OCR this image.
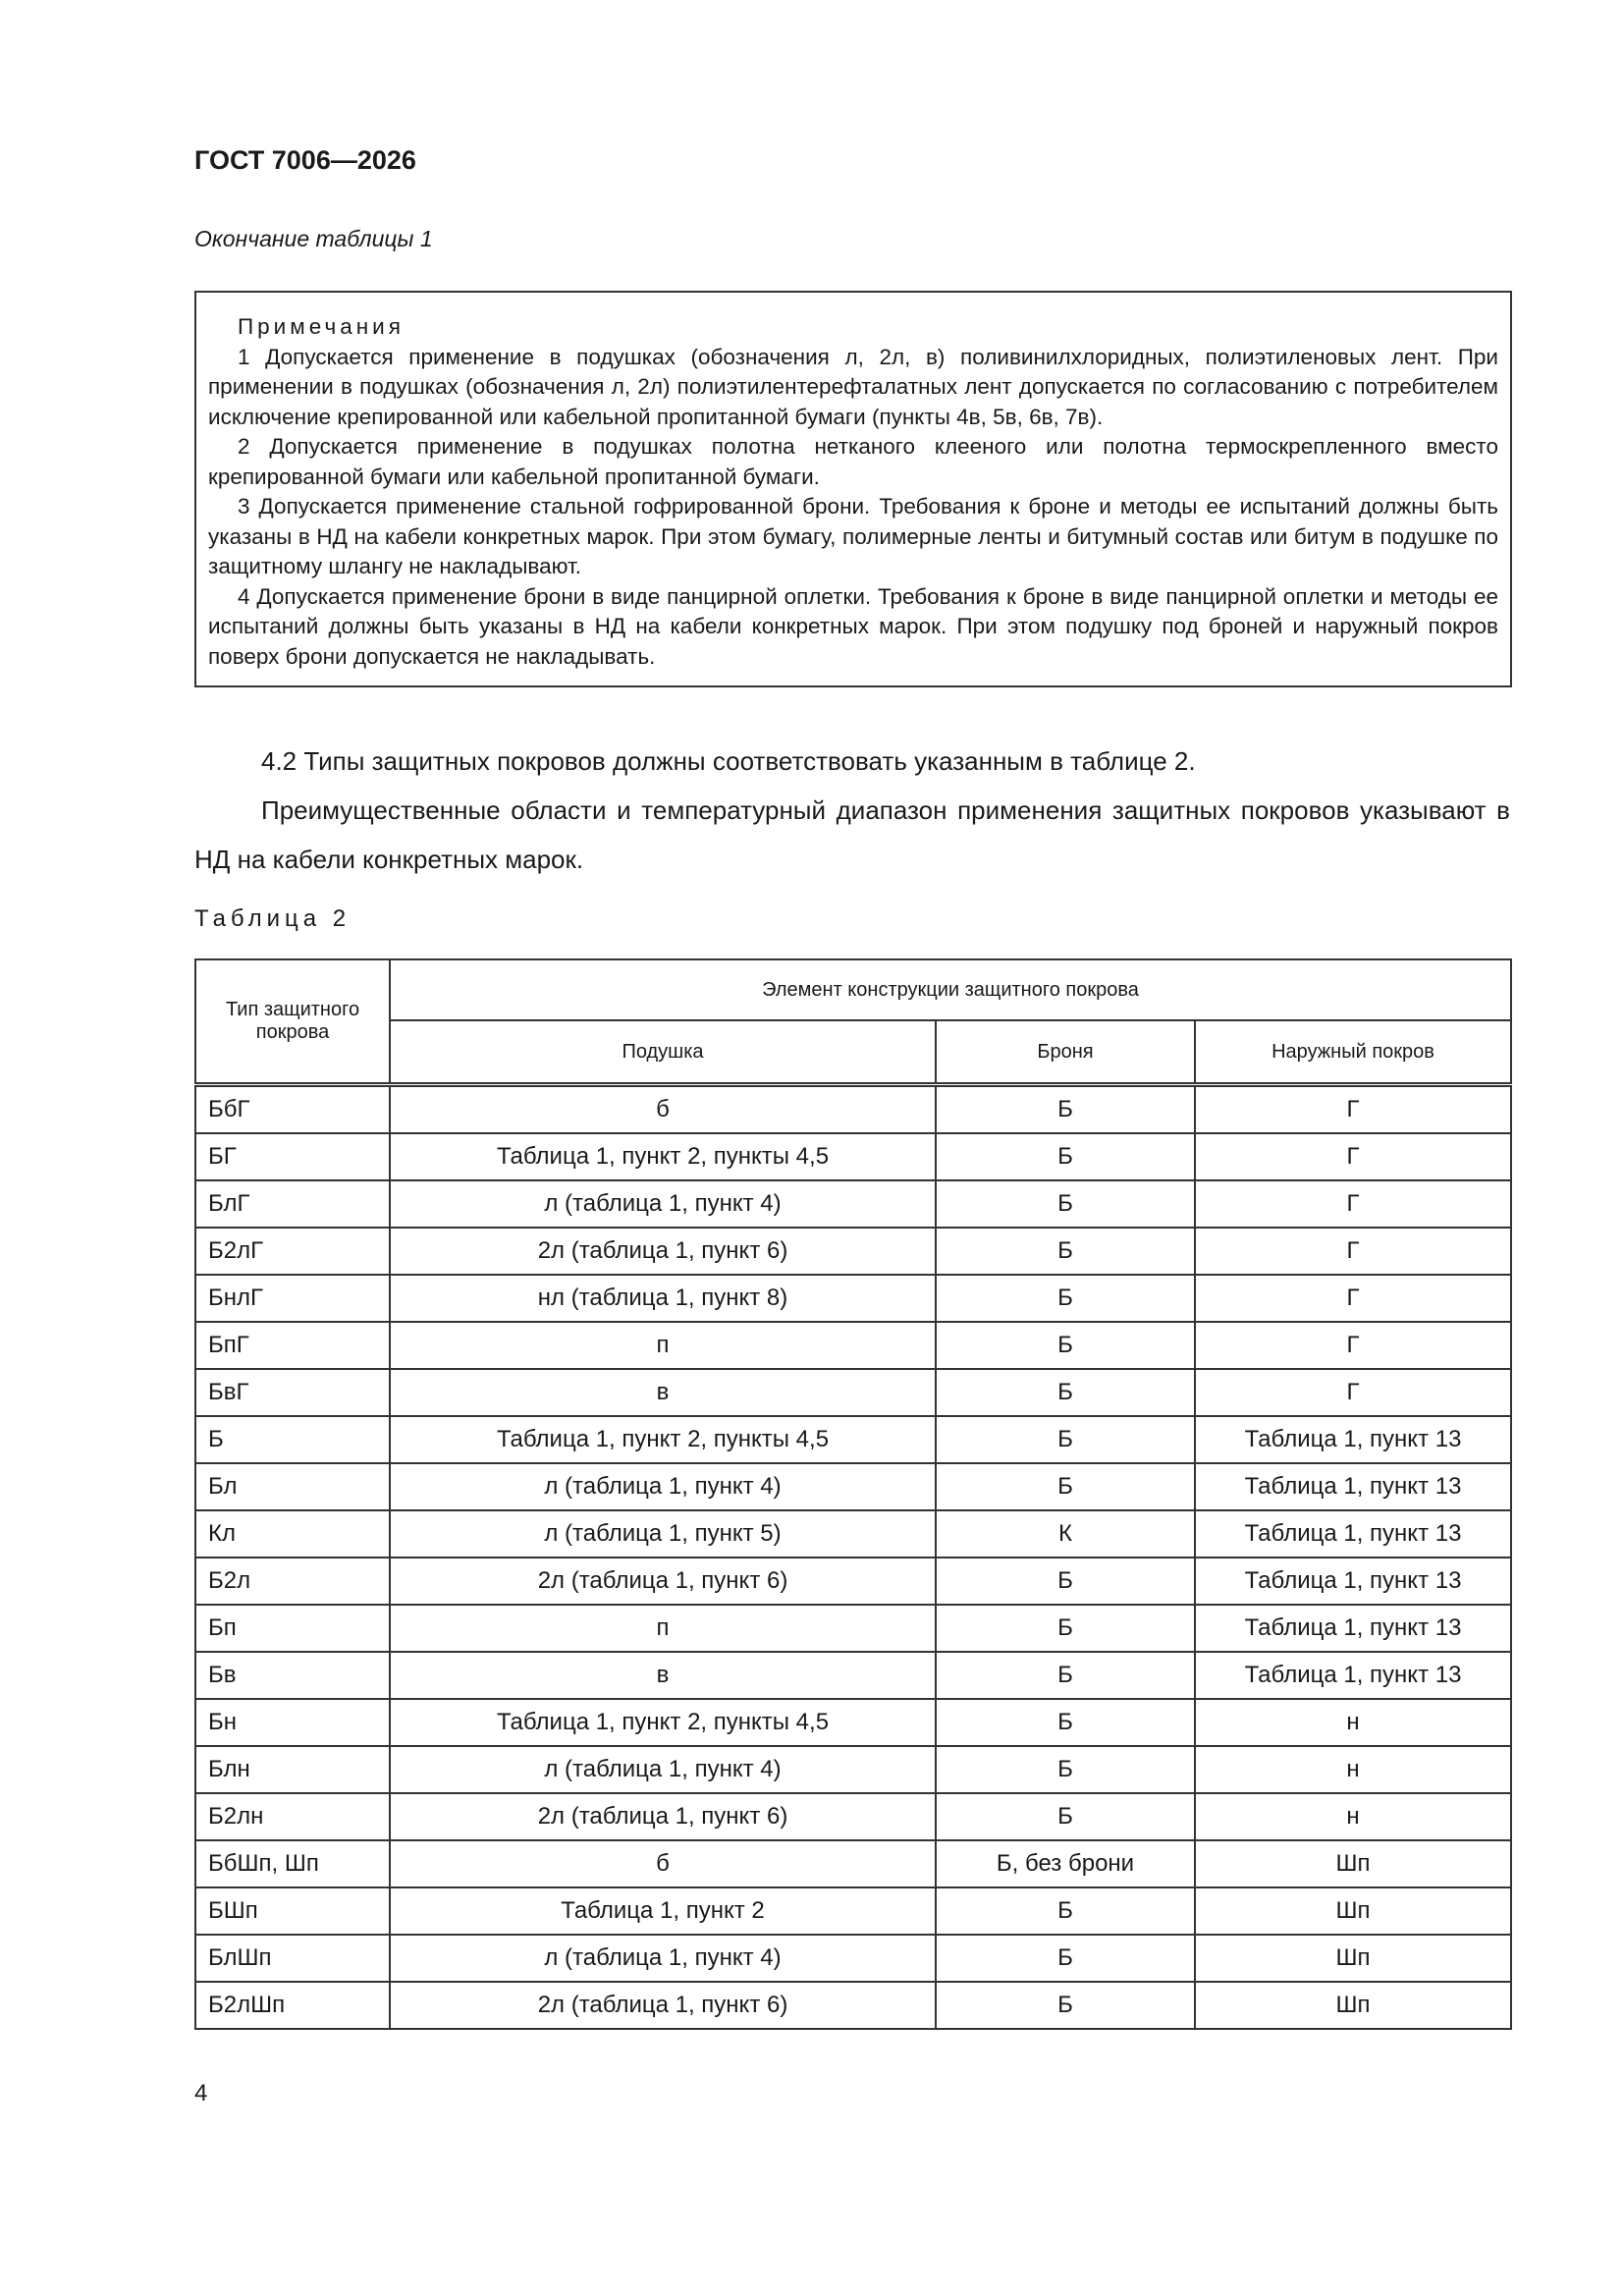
ГОСТ 7006—2026
Окончание таблицы 1
Примечания

1 Допускается применение в подушках (обозначения л, 2л, в) поливинилхлоридных, полиэтиленовых лент. При применении в подушках (обозначения л, 2л) полиэтилентерефталатных лент допускается по согласованию с потребителем исключение крепированной или кабельной пропитанной бумаги (пункты 4в, 5в, 6в, 7в).

2 Допускается применение в подушках полотна нетканого клееного или полотна термоскрепленного вместо крепированной бумаги или кабельной пропитанной бумаги.

3 Допускается применение стальной гофрированной брони. Требования к броне и методы ее испытаний должны быть указаны в НД на кабели конкретных марок. При этом бумагу, полимерные ленты и битумный состав или битум в подушке по защитному шлангу не накладывают.

4 Допускается применение брони в виде панцирной оплетки. Требования к броне в виде панцирной оплетки и методы ее испытаний должны быть указаны в НД на кабели конкретных марок. При этом подушку под броней и наружный покров поверх брони допускается не накладывать.

4.2 Типы защитных покровов должны соответствовать указанным в таблице 2.
Преимущественные области и температурный диапазон применения защитных покровов указывают в НД на кабели конкретных марок.
Таблица 2
Тип защитного покрова	Элемент конструкции защитного покрова		
	Подушка	Броня	Наружный покров
БбГ	б	Б	Г
БГ	Таблица 1, пункт 2, пункты 4,5	Б	Г
БлГ	л (таблица 1, пункт 4)	Б	Г
Б2лГ	2л (таблица 1, пункт 6)	Б	Г
БнлГ	нл (таблица 1, пункт 8)	Б	Г
БпГ	п	Б	Г
БвГ	в	Б	Г
Б	Таблица 1, пункт 2, пункты 4,5	Б	Таблица 1, пункт 13
Бл	л (таблица 1, пункт 4)	Б	Таблица 1, пункт 13
Кл	л (таблица 1, пункт 5)	К	Таблица 1, пункт 13
Б2л	2л (таблица 1, пункт 6)	Б	Таблица 1, пункт 13
Бп	п	Б	Таблица 1, пункт 13
Бв	в	Б	Таблица 1, пункт 13
Бн	Таблица 1, пункт 2, пункты 4,5	Б	н
Блн	л (таблица 1, пункт 4)	Б	н
Б2лн	2л (таблица 1, пункт 6)	Б	н
БбШп, Шп	б	Б, без брони	Шп
БШп	Таблица 1, пункт 2	Б	Шп
БлШп	л (таблица 1, пункт 4)	Б	Шп
Б2лШп	2л (таблица 1, пункт 6)	Б	Шп
4
